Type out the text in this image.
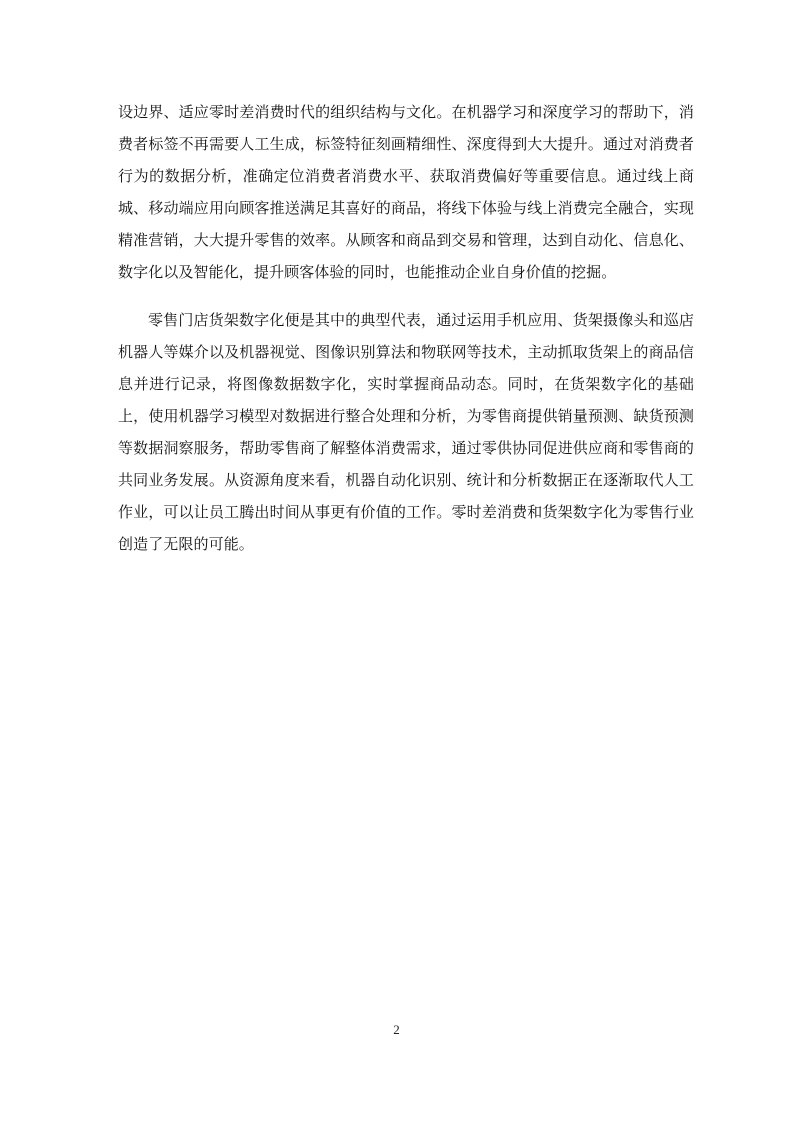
设边界、适应零时差消费时代的组织结构与文化。在机器学习和深度学习的帮助下，消费者标签不再需要人工生成，标签特征刻画精细性、深度得到大大提升。通过对消费者行为的数据分析，准确定位消费者消费水平、获取消费偏好等重要信息。通过线上商城、移动端应用向顾客推送满足其喜好的商品，将线下体验与线上消费完全融合，实现精准营销，大大提升零售的效率。从顾客和商品到交易和管理，达到自动化、信息化、数字化以及智能化，提升顾客体验的同时，也能推动企业自身价值的挖掘。

零售门店货架数字化便是其中的典型代表，通过运用手机应用、货架摄像头和巡店机器人等媒介以及机器视觉、图像识别算法和物联网等技术，主动抓取货架上的商品信息并进行记录，将图像数据数字化，实时掌握商品动态。同时，在货架数字化的基础上，使用机器学习模型对数据进行整合处理和分析，为零售商提供销量预测、缺货预测等数据洞察服务，帮助零售商了解整体消费需求，通过零供协同促进供应商和零售商的共同业务发展。从资源角度来看，机器自动化识别、统计和分析数据正在逐渐取代人工作业，可以让员工腾出时间从事更有价值的工作。零时差消费和货架数字化为零售行业创造了无限的可能。

2
